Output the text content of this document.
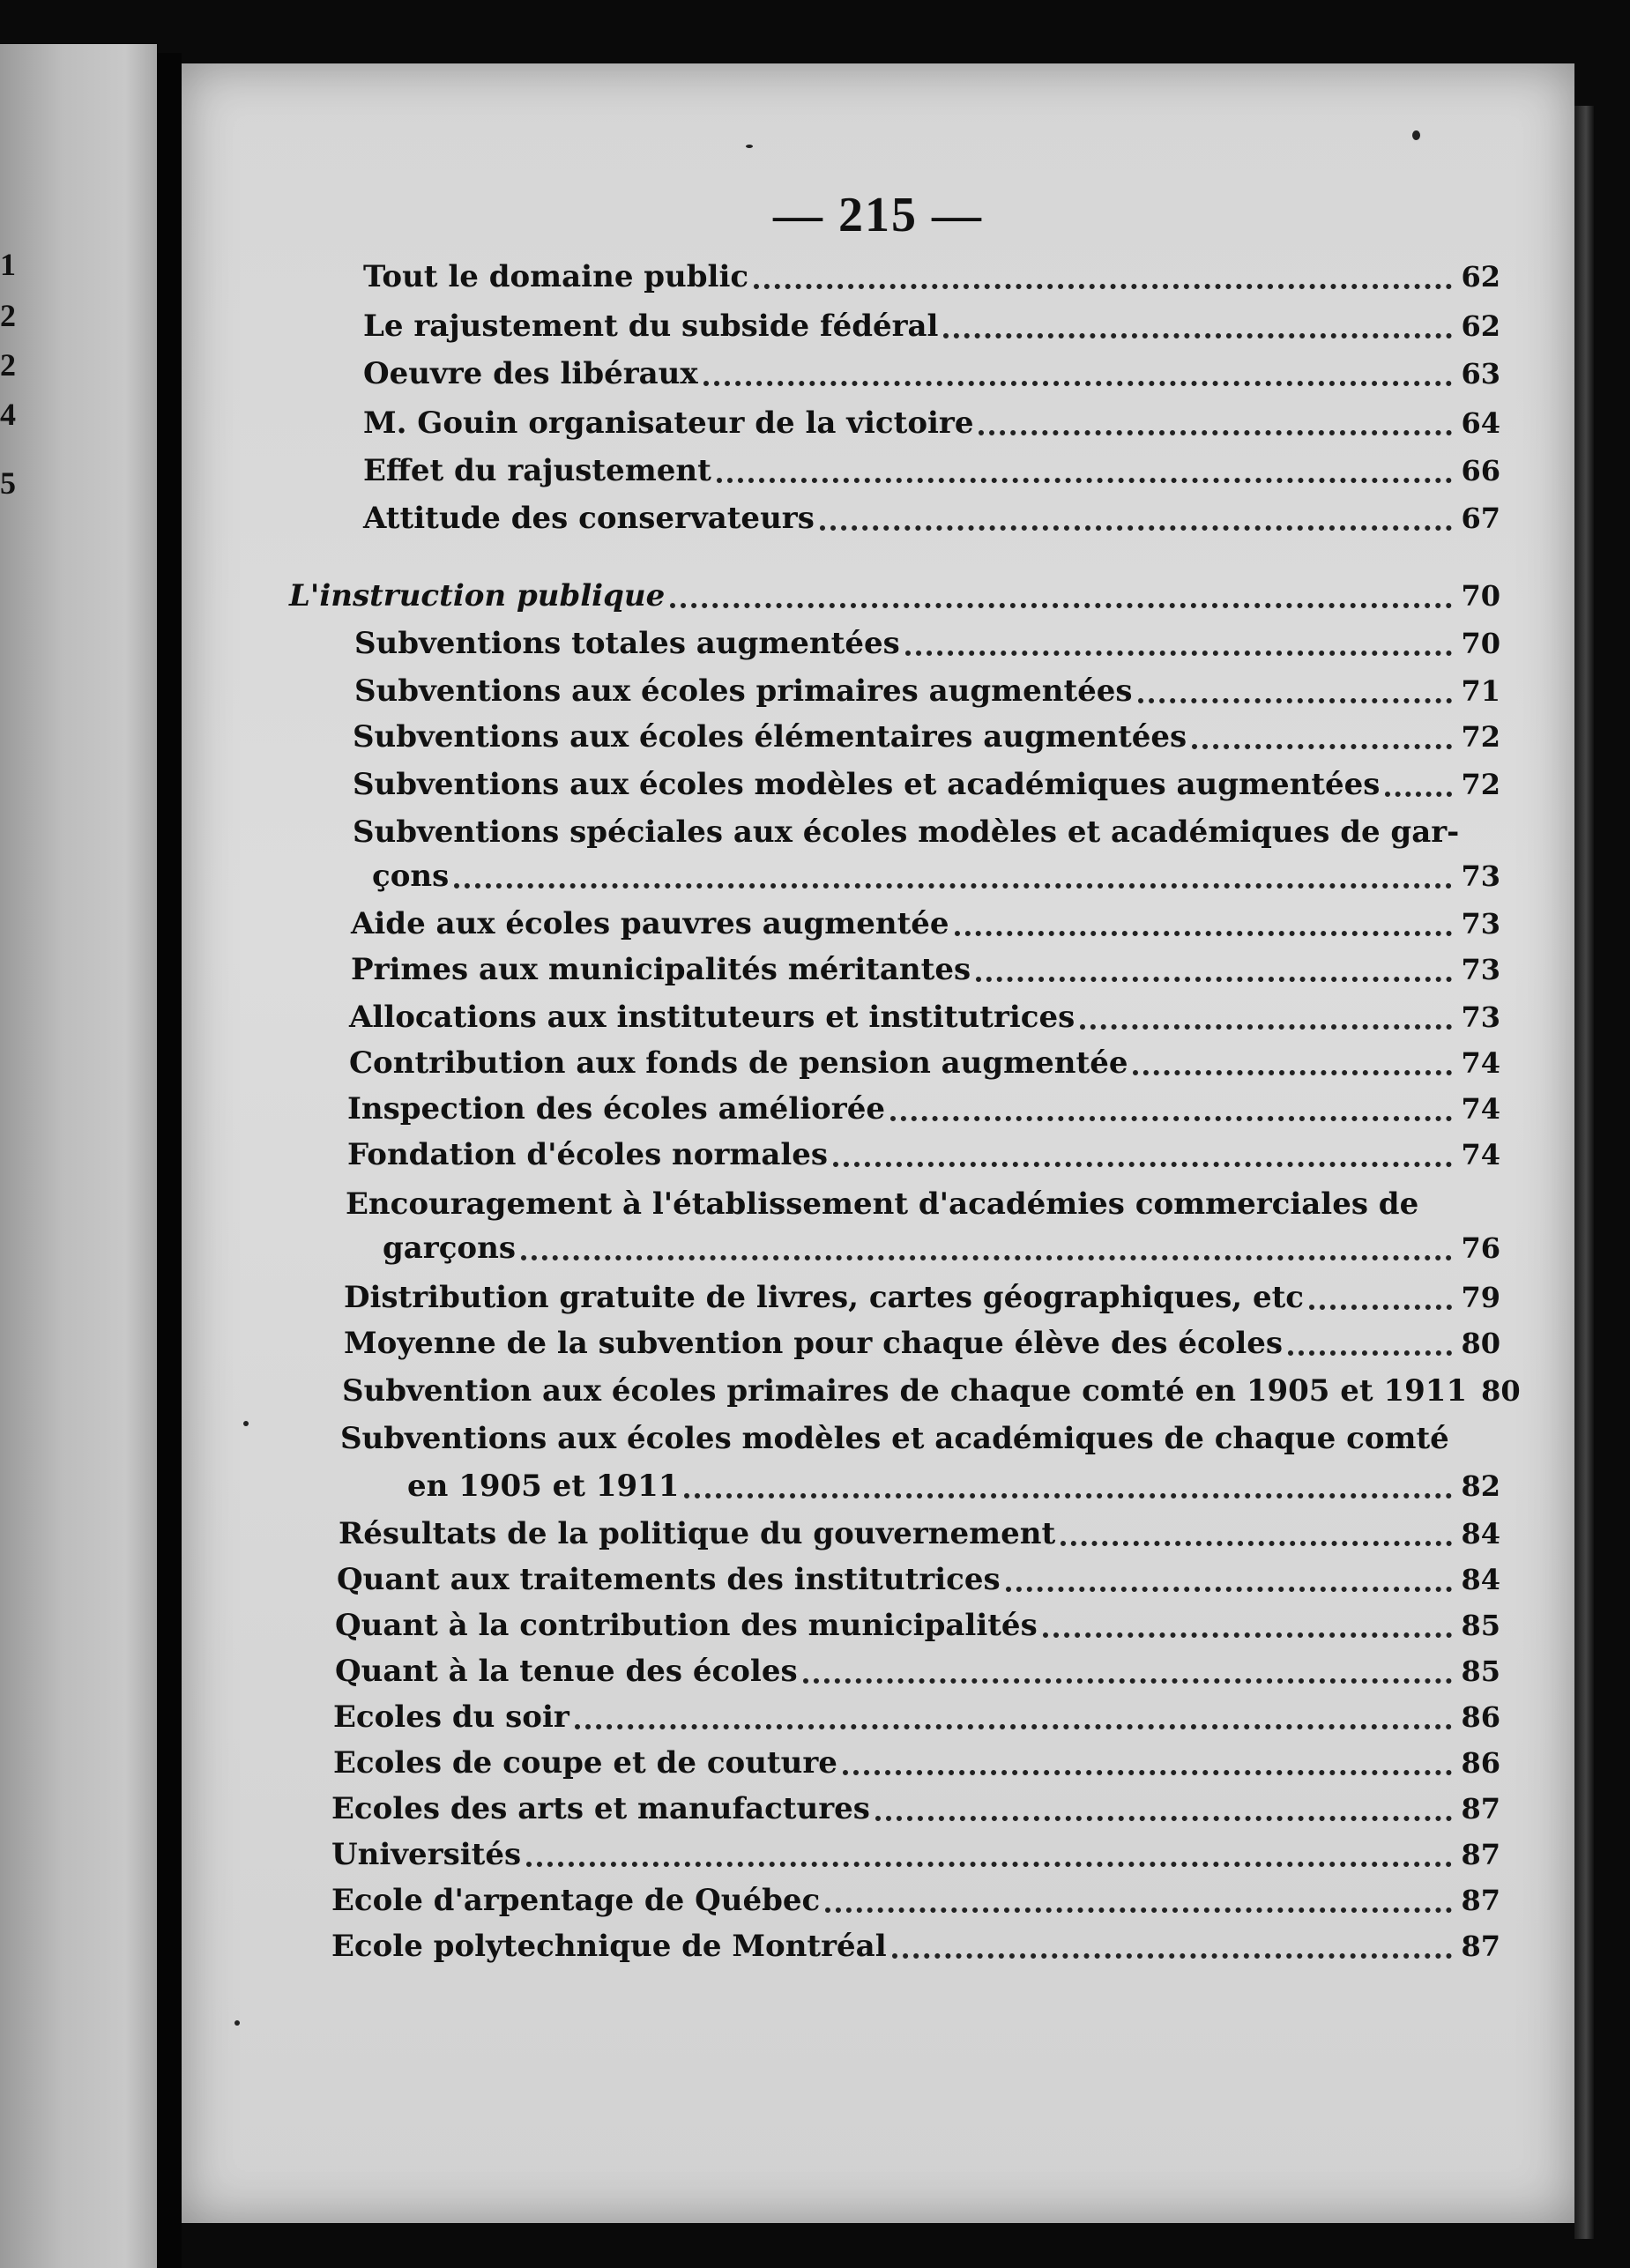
1
2
2
4
5
— 215 —
Tout le domaine public	62
Le rajustement du subside fédéral	62
Oeuvre des libéraux	63
M. Gouin organisateur de la victoire	64
Effet du rajustement	66
Attitude des conservateurs	67
L'instruction publique	70
Subventions totales augmentées	70
Subventions aux écoles primaires augmentées	71
Subventions aux écoles élémentaires augmentées	72
Subventions aux écoles modèles et académiques augmentées	72
Subventions spéciales aux écoles modèles et académiques de gar-
çons	73
Aide aux écoles pauvres augmentée	73
Primes aux municipalités méritantes	73
Allocations aux instituteurs et institutrices	73
Contribution aux fonds de pension augmentée	74
Inspection des écoles améliorée	74
Fondation d'écoles normales	74
Encouragement à l'établissement d'académies commerciales de
garçons	76
Distribution gratuite de livres, cartes géographiques, etc	79
Moyenne de la subvention pour chaque élève des écoles	80
Subvention aux écoles primaires de chaque comté en 1905 et 1911 80
Subventions aux écoles modèles et académiques de chaque comté
en 1905 et 1911	82
Résultats de la politique du gouvernement	84
Quant aux traitements des institutrices	84
Quant à la contribution des municipalités	85
Quant à la tenue des écoles	85
Ecoles du soir	86
Ecoles de coupe et de couture	86
Ecoles des arts et manufactures	87
Universités	87
Ecole d'arpentage de Québec	87
Ecole polytechnique de Montréal	87
